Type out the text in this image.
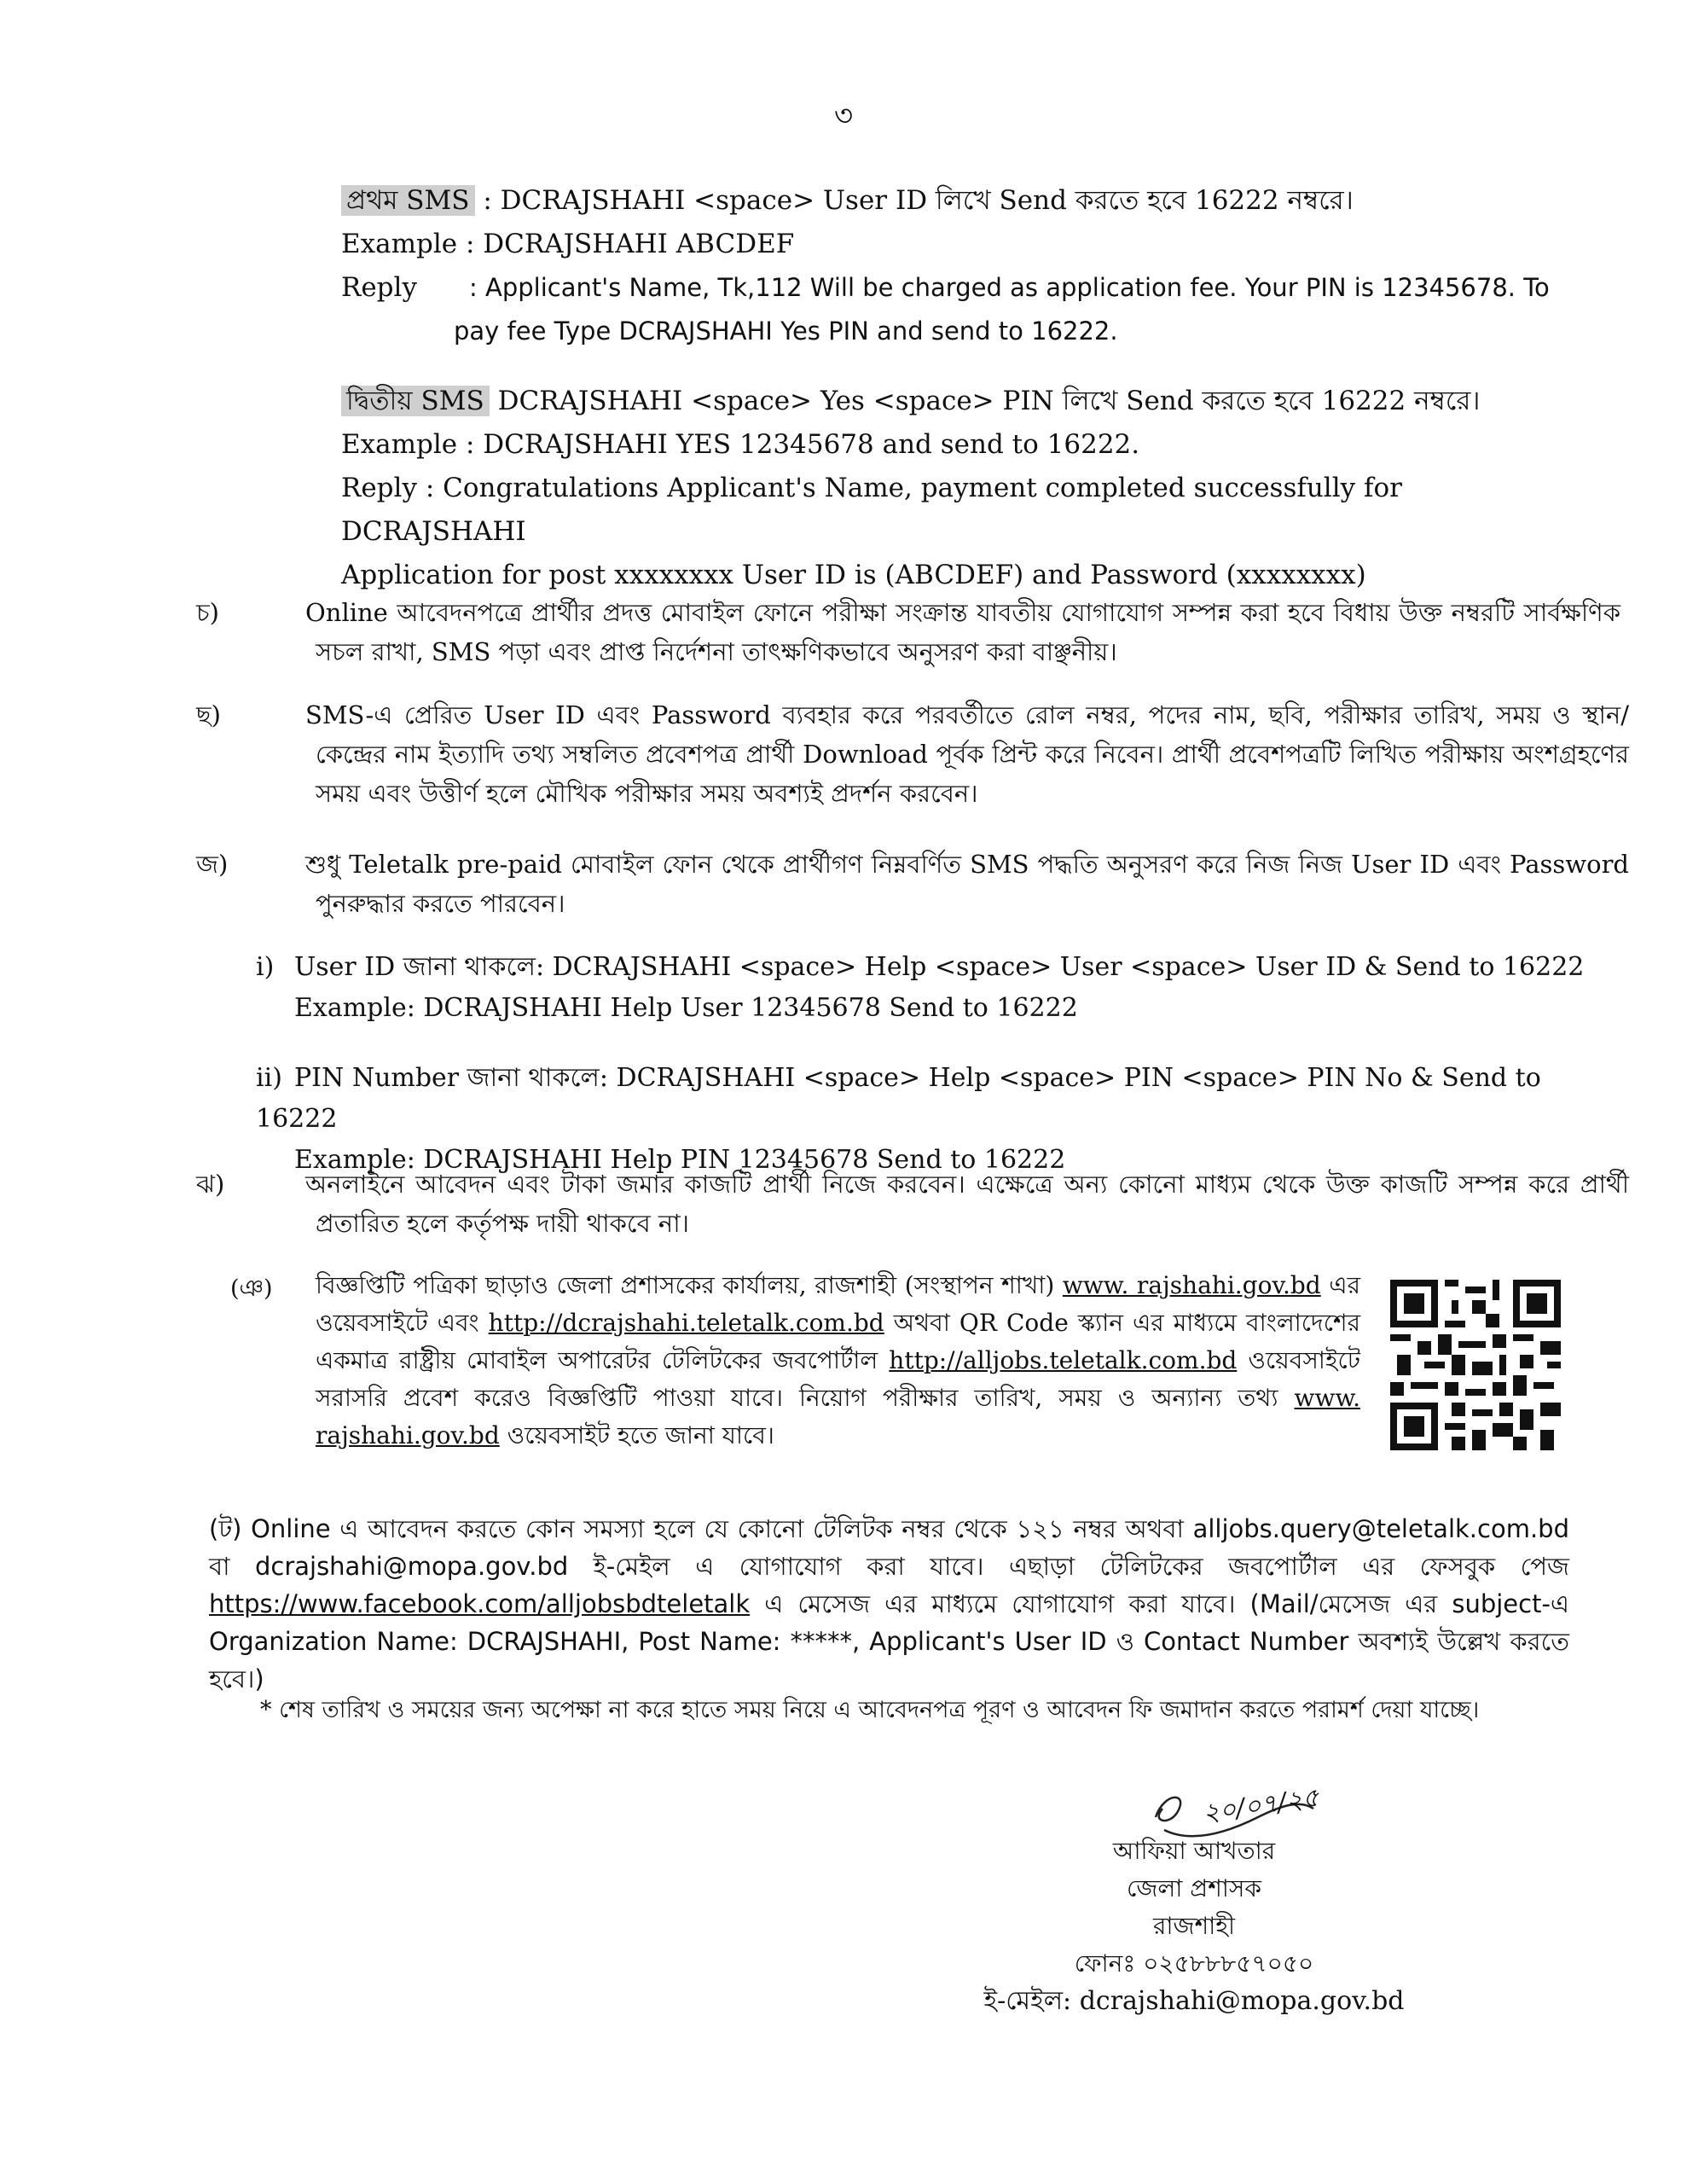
৩
প্রথম SMS : DCRAJSHAHI <space> User ID লিখে Send করতে হবে 16222 নম্বরে।
Example : DCRAJSHAHI ABCDEF
Reply : Applicant's Name, Tk,112 Will be charged as application fee. Your PIN is 12345678. To
pay fee Type DCRAJSHAHI Yes PIN and send to 16222.
দ্বিতীয় SMS DCRAJSHAHI <space> Yes <space> PIN লিখে Send করতে হবে 16222 নম্বরে।
Example : DCRAJSHAHI YES 12345678 and send to 16222.
Reply : Congratulations Applicant's Name, payment completed successfully for DCRAJSHAHI
Application for post xxxxxxxx User ID is (ABCDEF) and Password (xxxxxxxx)
চ)	Online আবেদনপত্রে প্রার্থীর প্রদত্ত মোবাইল ফোনে পরীক্ষা সংক্রান্ত যাবতীয় যোগাযোগ সম্পন্ন করা হবে বিধায় উক্ত নম্বরটি সার্বক্ষণিক সচল রাখা, SMS পড়া এবং প্রাপ্ত নির্দেশনা তাৎক্ষণিকভাবে অনুসরণ করা বাঞ্ছনীয়।
ছ)	SMS-এ প্রেরিত User ID এবং Password ব্যবহার করে পরবর্তীতে রোল নম্বর, পদের নাম, ছবি, পরীক্ষার তারিখ, সময় ও স্থান/কেন্দ্রের নাম ইত্যাদি তথ্য সম্বলিত প্রবেশপত্র প্রার্থী Download পূর্বক প্রিন্ট করে নিবেন। প্রার্থী প্রবেশপত্রটি লিখিত পরীক্ষায় অংশগ্রহণের সময় এবং উত্তীর্ণ হলে মৌখিক পরীক্ষার সময় অবশ্যই প্রদর্শন করবেন।
জ)	শুধু Teletalk pre-paid মোবাইল ফোন থেকে প্রার্থীগণ নিম্নবর্ণিত SMS পদ্ধতি অনুসরণ করে নিজ নিজ User ID এবং Password পুনরুদ্ধার করতে পারবেন।
i) User ID জানা থাকলে: DCRAJSHAHI <space> Help <space> User <space> User ID & Send to 16222
Example: DCRAJSHAHI Help User 12345678 Send to 16222
ii) PIN Number জানা থাকলে: DCRAJSHAHI <space> Help <space> PIN <space> PIN No & Send to 16222
Example: DCRAJSHAHI Help PIN 12345678 Send to 16222
ঝ)	অনলাইনে আবেদন এবং টাকা জমার কাজটি প্রার্থী নিজে করবেন। এক্ষেত্রে অন্য কোনো মাধ্যম থেকে উক্ত কাজটি সম্পন্ন করে প্রার্থী প্রতারিত হলে কর্তৃপক্ষ দায়ী থাকবে না।
(ঞ)	বিজ্ঞপ্তিটি পত্রিকা ছাড়াও জেলা প্রশাসকের কার্যালয়, রাজশাহী (সংস্থাপন শাখা) www. rajshahi.gov.bd এর ওয়েবসাইটে এবং http://dcrajshahi.teletalk.com.bd অথবা QR Code স্ক্যান এর মাধ্যমে বাংলাদেশের একমাত্র রাষ্ট্রীয় মোবাইল অপারেটর টেলিটকের জবপোর্টাল http://alljobs.teletalk.com.bd ওয়েবসাইটে সরাসরি প্রবেশ করেও বিজ্ঞপ্তিটি পাওয়া যাবে। নিয়োগ পরীক্ষার তারিখ, সময় ও অন্যান্য তথ্য www. rajshahi.gov.bd ওয়েবসাইট হতে জানা যাবে।
(ট) Online এ আবেদন করতে কোন সমস্যা হলে যে কোনো টেলিটক নম্বর থেকে ১২১ নম্বর অথবা alljobs.query@teletalk.com.bd বা dcrajshahi@mopa.gov.bd ই-মেইল এ যোগাযোগ করা যাবে। এছাড়া টেলিটকের জবপোর্টাল এর ফেসবুক পেজ https://www.facebook.com/alljobsbdteletalk এ মেসেজ এর মাধ্যমে যোগাযোগ করা যাবে। (Mail/মেসেজ এর subject-এ Organization Name: DCRAJSHAHI, Post Name: *****, Applicant's User ID ও Contact Number অবশ্যই উল্লেখ করতে হবে।)
* শেষ তারিখ ও সময়ের জন্য অপেক্ষা না করে হাতে সময় নিয়ে এ আবেদনপত্র পূরণ ও আবেদন ফি জমাদান করতে পরামর্শ দেয়া যাচ্ছে।
২০/০৭/২৫
আফিয়া আখতার
জেলা প্রশাসক
রাজশাহী
ফোনঃ ০২৫৮৮৮৫৭০৫০
ই-মেইল: dcrajshahi@mopa.gov.bd
